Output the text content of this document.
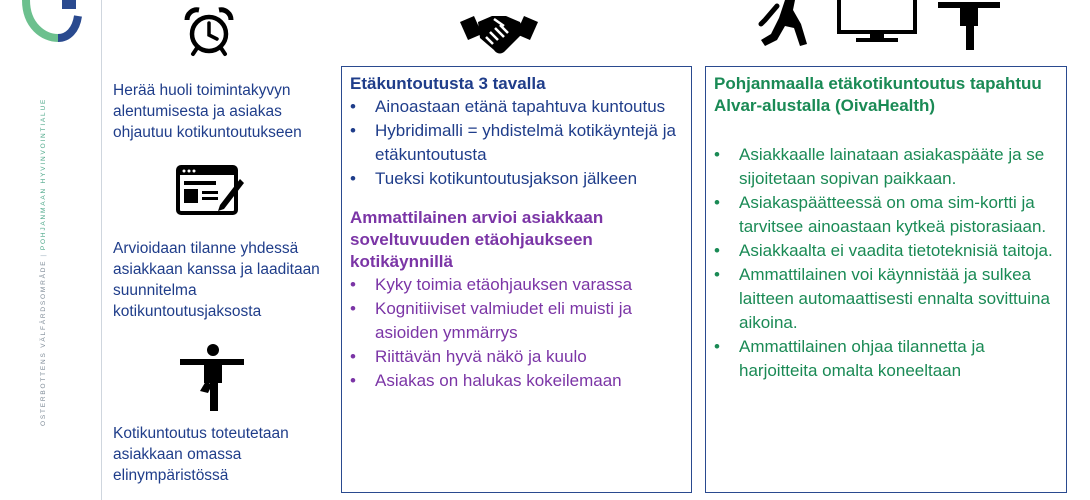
OSTERBOTTENS VÄLFÄRDSOMRÅDE|POHJANMAAN HYVINVOINTIALUE
Herää huoli toimintakyvyn alentumisesta ja asiakas ohjautuu kotikuntoutukseen
Arvioidaan tilanne yhdessä asiakkaan kanssa ja laaditaan suunnitelma kotikuntoutusjaksosta
Kotikuntoutus toteutetaan asiakkaan omassa elinympäristössä
Etäkuntoutusta 3 tavalla
• Ainoastaan etänä tapahtuva kuntoutus
• Hybridimalli = yhdistelmä kotikäyntejä ja etäkuntoutusta
• Tueksi kotikuntoutusjakson jälkeen
Ammattilainen arvioi asiakkaan soveltuvuuden etäohjaukseen kotikäynnillä
• Kyky toimia etäohjauksen varassa
• Kognitiiviset valmiudet eli muisti ja asioiden ymmärrys
• Riittävän hyvä näkö ja kuulo
• Asiakas on halukas kokeilemaan
Pohjanmaalla etäkotikuntoutus tapahtuu Alvar-alustalla (OivaHealth)
• Asiakkaalle lainataan asiakaspääte ja se sijoitetaan sopivan paikkaan.
• Asiakaspäätteessä on oma sim-kortti ja tarvitsee ainoastaan kytkeä pistorasiaan.
• Asiakkaalta ei vaadita tietoteknisiä taitoja.
• Ammattilainen voi käynnistää ja sulkea laitteen automaattisesti ennalta sovittuina aikoina.
• Ammattilainen ohjaa tilannetta ja harjoitteita omalta koneeltaan
